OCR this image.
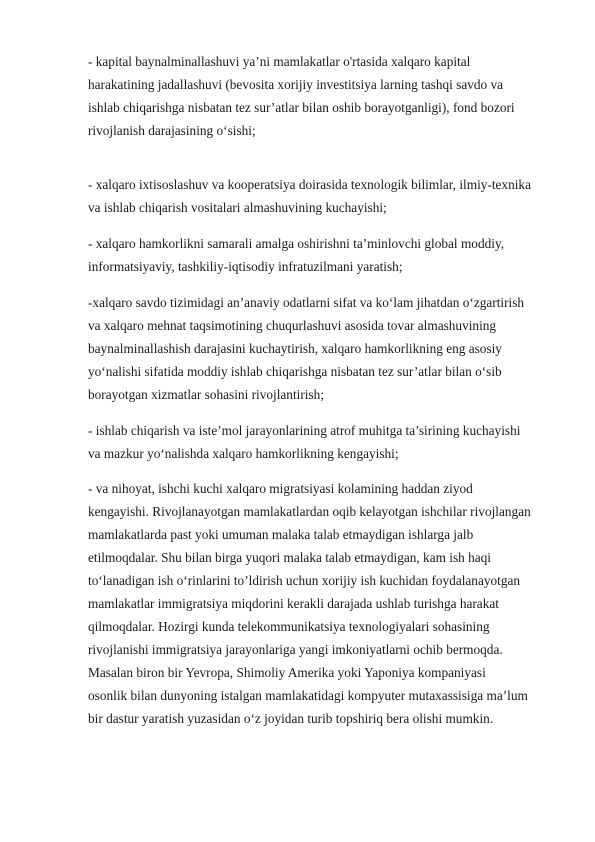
- kapital baynalminallashuvi ya’ni mamlakatlar o'rtasida xalqaro kapital
harakatining jadallashuvi (bevosita xorijiy investitsiya larning tashqi savdo va
ishlab chiqarishga nisbatan tez sur’atlar bilan oshib borayotganligi), fond bozori
rivojlanish darajasining o‘sishi;
- xalqaro ixtisoslashuv va kooperatsiya doirasida texnologik bilimlar, ilmiy-texnika
va ishlab chiqarish vositalari almashuvining kuchayishi;
- xalqaro hamkorlikni samarali amalga oshirishni ta’minlovchi global moddiy,
informatsiyaviy, tashkiliy-iqtisodiy infratuzilmani yaratish;
-xalqaro savdo tizimidagi an’anaviy odatlarni sifat va ko‘lam jihatdan o‘zgartirish
va xalqaro mehnat taqsimotining chuqurlashuvi asosida tovar almashuvining
baynalminallashish darajasini kuchaytirish, xalqaro hamkorlikning eng asosiy
yo‘nalishi sifatida moddiy ishlab chiqarishga nisbatan tez sur’atlar bilan o‘sib
borayotgan xizmatlar sohasini rivojlantirish;
- ishlab chiqarish va iste’mol jarayonlarining atrof muhitga ta’sirining kuchayishi
va mazkur yo‘nalishda xalqaro hamkorlikning kengayishi;
- va nihoyat, ishchi kuchi xalqaro migratsiyasi kolamining haddan ziyod
kengayishi. Rivojlanayotgan mamlakatlardan oqib kelayotgan ishchilar rivojlangan
mamlakatlarda past yoki umuman malaka talab etmaydigan ishlarga jalb
etilmoqdalar. Shu bilan birga yuqori malaka talab etmaydigan, kam ish haqi
to‘lanadigan ish o‘rinlarini to’ldirish uchun xorijiy ish kuchidan foydalanayotgan
mamlakatlar immigratsiya miqdorini kerakli darajada ushlab turishga harakat
qilmoqdalar. Hozirgi kunda telekommunikatsiya texnologiyalari sohasining
rivojlanishi immigratsiya jarayonlariga yangi imkoniyatlarni ochib bermoqda.
Masalan biron bir Yevropa, Shimoliy Amerika yoki Yaponiya kompaniyasi
osonlik bilan dunyoning istalgan mamlakatidagi kompyuter mutaxassisiga ma’lum
bir dastur yaratish yuzasidan o‘z joyidan turib topshiriq bera olishi mumkin.
